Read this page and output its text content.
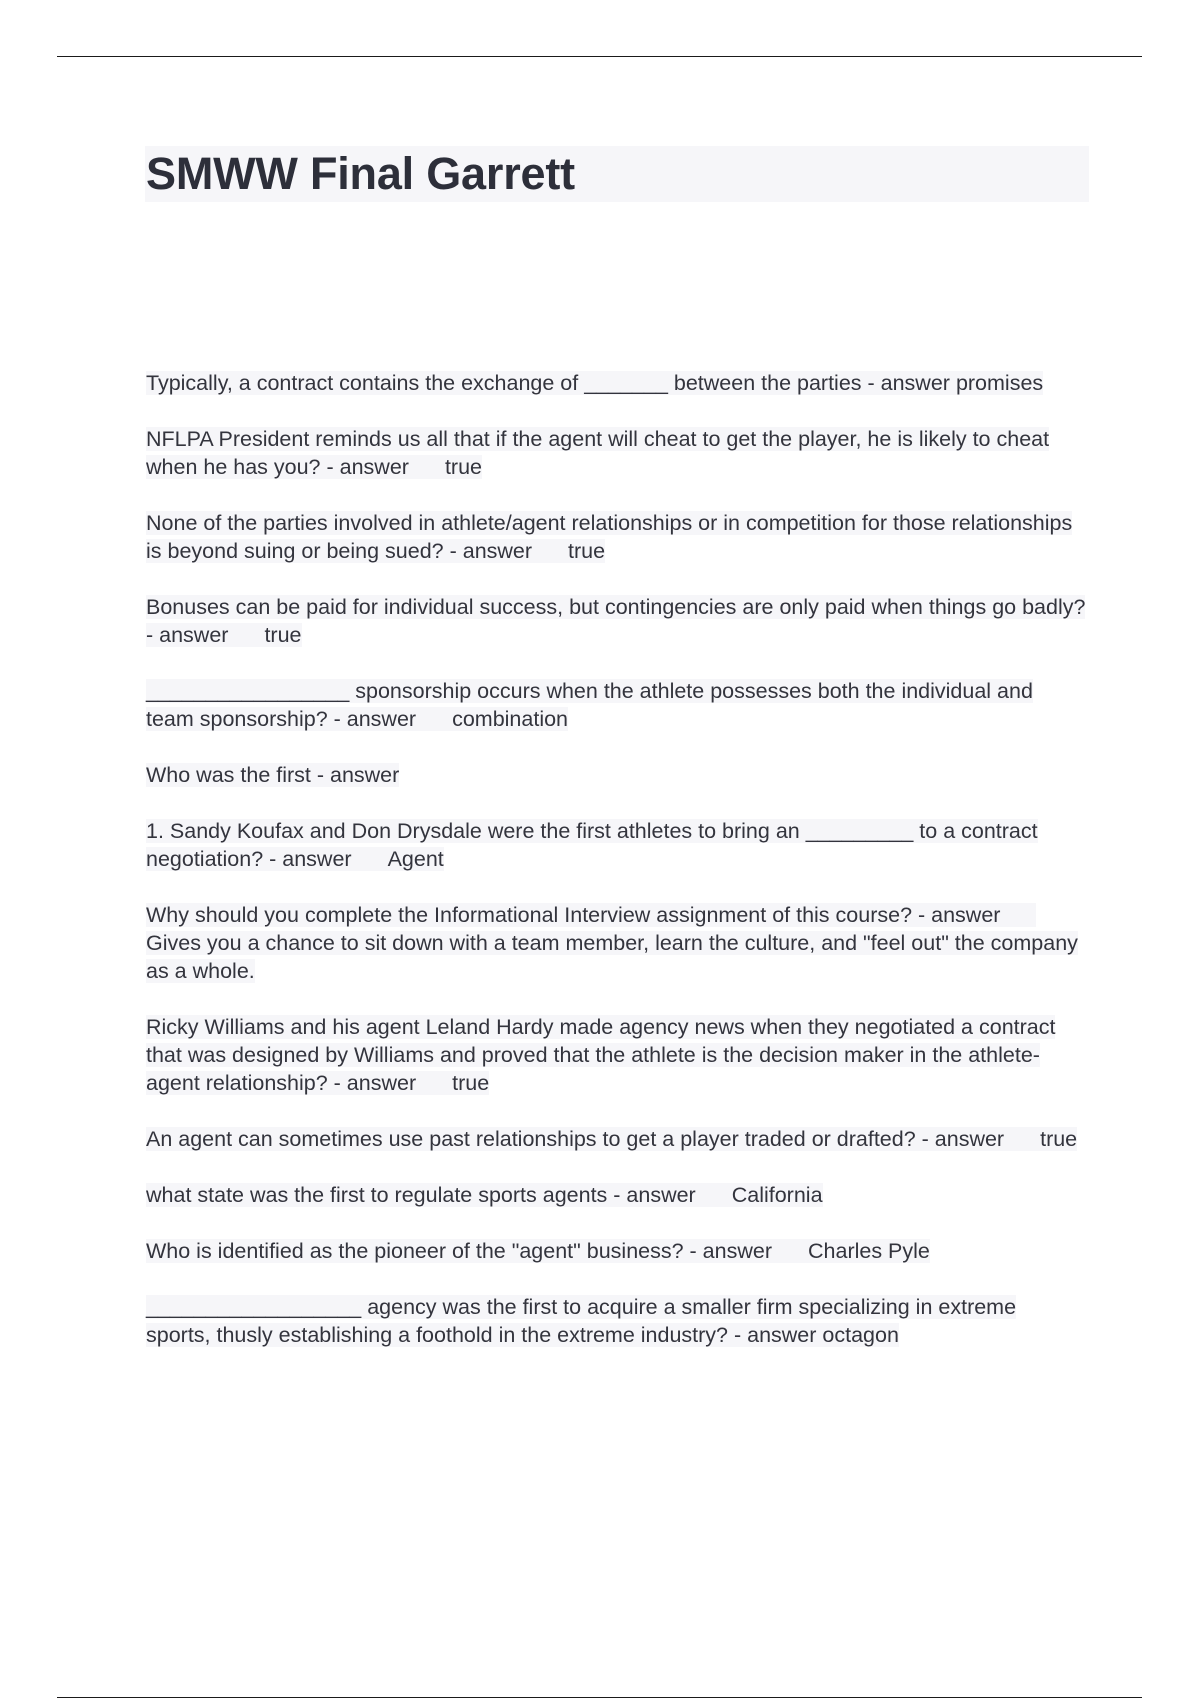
SMWW Final Garrett

Typically, a contract contains the exchange of _______ between the parties - answer promises

NFLPA President reminds us all that if the agent will cheat to get the player, he is likely to cheat when he has you? - answer true

None of the parties involved in athlete/agent relationships or in competition for those relationships is beyond suing or being sued? - answer true

Bonuses can be paid for individual success, but contingencies are only paid when things go badly? - answer true

_________________ sponsorship occurs when the athlete possesses both the individual and team sponsorship? - answer combination

Who was the first - answer

1. Sandy Koufax and Don Drysdale were the first athletes to bring an _________ to a contract negotiation? - answer Agent

Why should you complete the Informational Interview assignment of this course? - answerGives you a chance to sit down with a team member, learn the culture, and "feel out" the company as a whole.

Ricky Williams and his agent Leland Hardy made agency news when they negotiated a contract that was designed by Williams and proved that the athlete is the decision maker in the athlete-agent relationship? - answer true

An agent can sometimes use past relationships to get a player traded or drafted? - answer true

what state was the first to regulate sports agents - answer California

Who is identified as the pioneer of the "agent" business? - answer Charles Pyle

__________________ agency was the first to acquire a smaller firm specializing in extreme sports, thusly establishing a foothold in the extreme industry? - answer octagon
